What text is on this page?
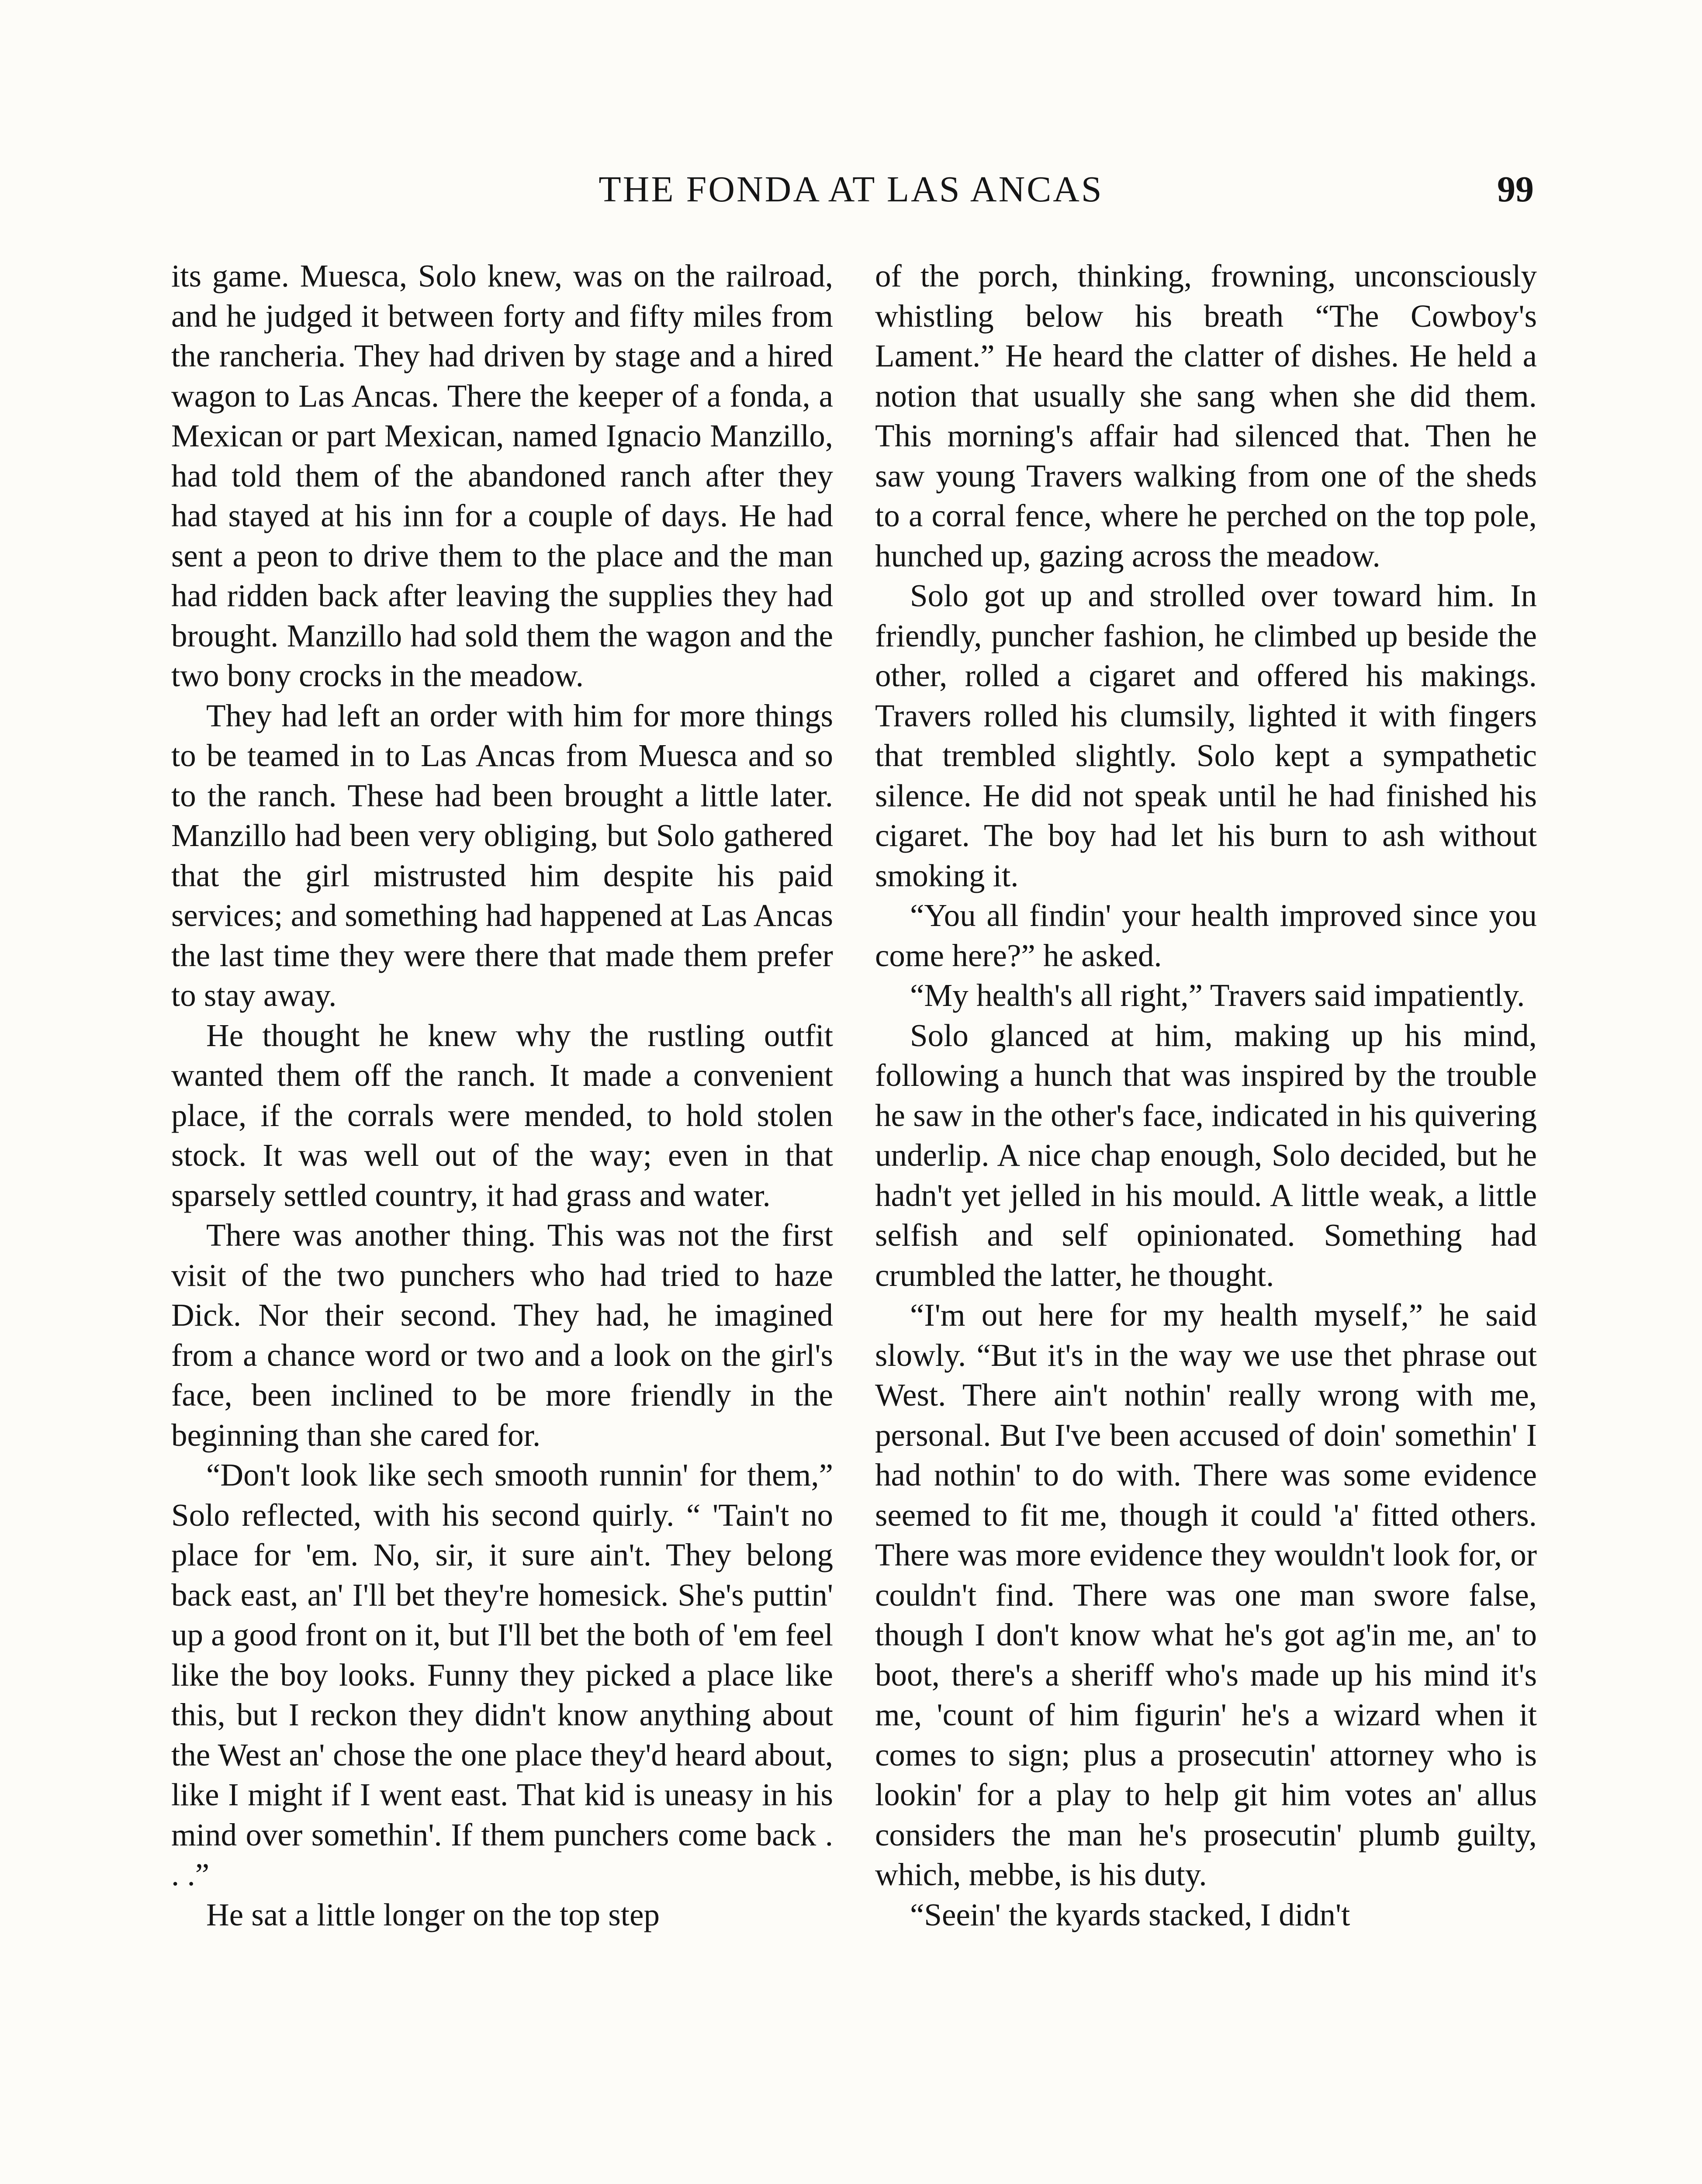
THE FONDA AT LAS ANCAS	99

its game. Muesca, Solo knew, was on the railroad, and he judged it between forty and fifty miles from the rancheria. They had driven by stage and a hired wagon to Las Ancas. There the keeper of a fonda, a Mexican or part Mexican, named Ignacio Manzillo, had told them of the abandoned ranch after they had stayed at his inn for a couple of days. He had sent a peon to drive them to the place and the man had ridden back after leaving the supplies they had brought. Manzillo had sold them the wagon and the two bony crocks in the meadow.

They had left an order with him for more things to be teamed in to Las Ancas from Muesca and so to the ranch. These had been brought a little later. Manzillo had been very obliging, but Solo gathered that the girl mistrusted him despite his paid services; and something had happened at Las Ancas the last time they were there that made them prefer to stay away.

He thought he knew why the rustling outfit wanted them off the ranch. It made a convenient place, if the corrals were mended, to hold stolen stock. It was well out of the way; even in that sparsely settled country, it had grass and water.

There was another thing. This was not the first visit of the two punchers who had tried to haze Dick. Nor their second. They had, he imagined from a chance word or two and a look on the girl's face, been inclined to be more friendly in the beginning than she cared for.

“Don't look like sech smooth runnin' for them,” Solo reflected, with his second quirly. “ 'Tain't no place for 'em. No, sir, it sure ain't. They belong back east, an' I'll bet they're homesick. She's puttin' up a good front on it, but I'll bet the both of 'em feel like the boy looks. Funny they picked a place like this, but I reckon they didn't know anything about the West an' chose the one place they'd heard about, like I might if I went east. That kid is uneasy in his mind over somethin'. If them punchers come back . . .”

He sat a little longer on the top step

of the porch, thinking, frowning, unconsciously whistling below his breath “The Cowboy's Lament.” He heard the clatter of dishes. He held a notion that usually she sang when she did them. This morning's affair had silenced that. Then he saw young Travers walking from one of the sheds to a corral fence, where he perched on the top pole, hunched up, gazing across the meadow.

Solo got up and strolled over toward him. In friendly, puncher fashion, he climbed up beside the other, rolled a cigaret and offered his makings. Travers rolled his clumsily, lighted it with fingers that trembled slightly. Solo kept a sympathetic silence. He did not speak until he had finished his cigaret. The boy had let his burn to ash without smoking it.

“You all findin' your health improved since you come here?” he asked.

“My health's all right,” Travers said impatiently.

Solo glanced at him, making up his mind, following a hunch that was inspired by the trouble he saw in the other's face, indicated in his quivering underlip. A nice chap enough, Solo decided, but he hadn't yet jelled in his mould. A little weak, a little selfish and self opinionated. Something had crumbled the latter, he thought.

“I'm out here for my health myself,” he said slowly. “But it's in the way we use thet phrase out West. There ain't nothin' really wrong with me, personal. But I've been accused of doin' somethin' I had nothin' to do with. There was some evidence seemed to fit me, though it could 'a' fitted others. There was more evidence they wouldn't look for, or couldn't find. There was one man swore false, though I don't know what he's got ag'in me, an' to boot, there's a sheriff who's made up his mind it's me, 'count of him figurin' he's a wizard when it comes to sign; plus a prosecutin' attorney who is lookin' for a play to help git him votes an' allus considers the man he's prosecutin' plumb guilty, which, mebbe, is his duty.

“Seein' the kyards stacked, I didn't
